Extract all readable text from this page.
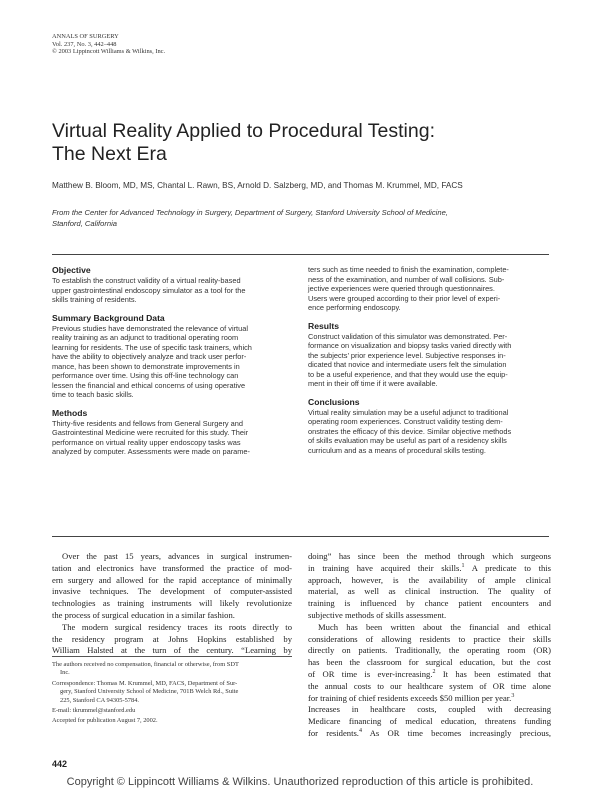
ANNALS OF SURGERY
Vol. 237, No. 3, 442–448
© 2003 Lippincott Williams & Wilkins, Inc.
Virtual Reality Applied to Procedural Testing:
The Next Era
Matthew B. Bloom, MD, MS, Chantal L. Rawn, BS, Arnold D. Salzberg, MD, and Thomas M. Krummel, MD, FACS
From the Center for Advanced Technology in Surgery, Department of Surgery, Stanford University School of Medicine,
Stanford, California

Objective

To establish the construct validity of a virtual reality-based
upper gastrointestinal endoscopy simulator as a tool for the
skills training of residents.

Summary Background Data

Previous studies have demonstrated the relevance of virtual
reality training as an adjunct to traditional operating room
learning for residents. The use of specific task trainers, which
have the ability to objectively analyze and track user perfor-
mance, has been shown to demonstrate improvements in
performance over time. Using this off-line technology can
lessen the financial and ethical concerns of using operative
time to teach basic skills.

Methods

Thirty-five residents and fellows from General Surgery and
Gastrointestinal Medicine were recruited for this study. Their
performance on virtual reality upper endoscopy tasks was
analyzed by computer. Assessments were made on parame-
ters such as time needed to finish the examination, complete-
ness of the examination, and number of wall collisions. Sub-
jective experiences were queried through questionnaires.
Users were grouped according to their prior level of experi-
ence performing endoscopy.

Results

Construct validation of this simulator was demonstrated. Per-
formance on visualization and biopsy tasks varied directly with
the subjects’ prior experience level. Subjective responses in-
dicated that novice and intermediate users felt the simulation
to be a useful experience, and that they would use the equip-
ment in their off time if it were available.

Conclusions

Virtual reality simulation may be a useful adjunct to traditional
operating room experiences. Construct validity testing dem-
onstrates the efficacy of this device. Similar objective methods
of skills evaluation may be useful as part of a residency skills
curriculum and as a means of procedural skills testing.
Over the past 15 years, advances in surgical instrumen-
tation and electronics have transformed the practice of mod-
ern surgery and allowed for the rapid acceptance of minimally
invasive techniques. The development of computer-assisted
technologies as training instruments will likely revolutionize
the process of surgical education in a similar fashion.
The modern surgical residency traces its roots directly to
the residency program at Johns Hopkins established by
William Halsted at the turn of the century. “Learning by
doing” has since been the method through which surgeons
in training have acquired their skills.$^1$ A predicate to this
approach, however, is the availability of ample clinical
material, as well as clinical instruction. The quality of
training is influenced by chance patient encounters and
subjective methods of skills assessment.
Much has been written about the financial and ethical
considerations of allowing residents to practice their skills
directly on patients. Traditionally, the operating room (OR)
has been the classroom for surgical education, but the cost
of OR time is ever-increasing.$^2$ It has been estimated that
the annual costs to our healthcare system of OR time alone
for training of chief residents exceeds $50 million per year.$^3$
Increases in healthcare costs, coupled with decreasing
Medicare financing of medical education, threatens funding
for residents.$^4$ As OR time becomes increasingly precious,
The authors received no compensation, financial or otherwise, from SDT
Inc.
Correspondence: Thomas M. Krummel, MD, FACS, Department of Sur-
gery, Stanford University School of Medicine, 701B Welch Rd., Suite
225, Stanford CA 94305-5784.
E-mail: tkrummel@stanford.edu
Accepted for publication August 7, 2002.
442
Copyright © Lippincott Williams & Wilkins. Unauthorized reproduction of this article is prohibited.
